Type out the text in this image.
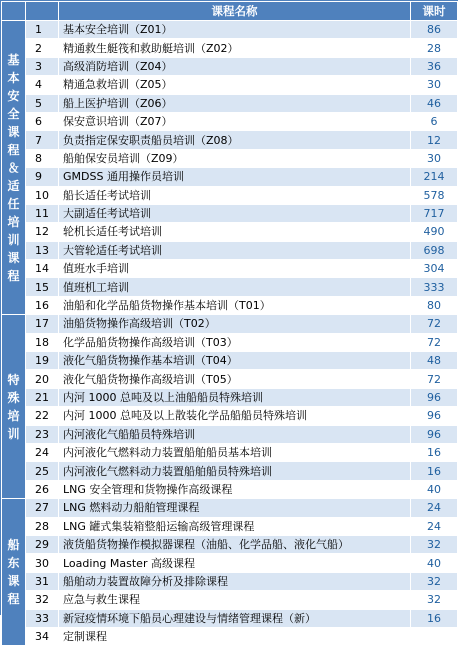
		课程名称	课时
基本安全课程＆适任培训课程	1	基本安全培训（Z01）	86
	2	精通救生艇筏和救助艇培训（Z02）	28
	3	高级消防培训（Z04）	36
	4	精通急救培训（Z05）	30
	5	船上医护培训（Z06）	46
	6	保安意识培训（Z07）	6
	7	负责指定保安职责船员培训（Z08）	12
	8	船舶保安员培训（Z09）	30
	9	GMDSS 通用操作员培训	214
	10	船长适任考试培训	578
	11	大副适任考试培训	717
	12	轮机长适任考试培训	490
	13	大管轮适任考试培训	698
	14	值班水手培训	304
	15	值班机工培训	333
	16	油船和化学品船货物操作基本培训（T01）	80
特殊培训	17	油船货物操作高级培训（T02）	72
	18	化学品船货物操作高级培训（T03）	72
	19	液化气船货物操作基本培训（T04）	48
	20	液化气船货物操作高级培训（T05）	72
	21	内河 1000 总吨及以上油船船员特殊培训	96
	22	内河 1000 总吨及以上散装化学品船船员特殊培训	96
	23	内河液化气船船员特殊培训	96
	24	内河液化气燃料动力装置船舶船员基本培训	16
	25	内河液化气燃料动力装置船舶船员特殊培训	16
	26	LNG 安全管理和货物操作高级课程	40
船东课程	27	LNG 燃料动力船舶管理课程	24
	28	LNG 罐式集装箱整船运输高级管理课程	24
	29	液货船货物操作模拟器课程（油船、化学品船、液化气船）	32
	30	Loading Master 高级课程	40
	31	船舶动力装置故障分析及排除课程	32
	32	应急与救生课程	32
	33	新冠疫情环境下船员心理建设与情绪管理课程（新）	16
	34	定制课程	
